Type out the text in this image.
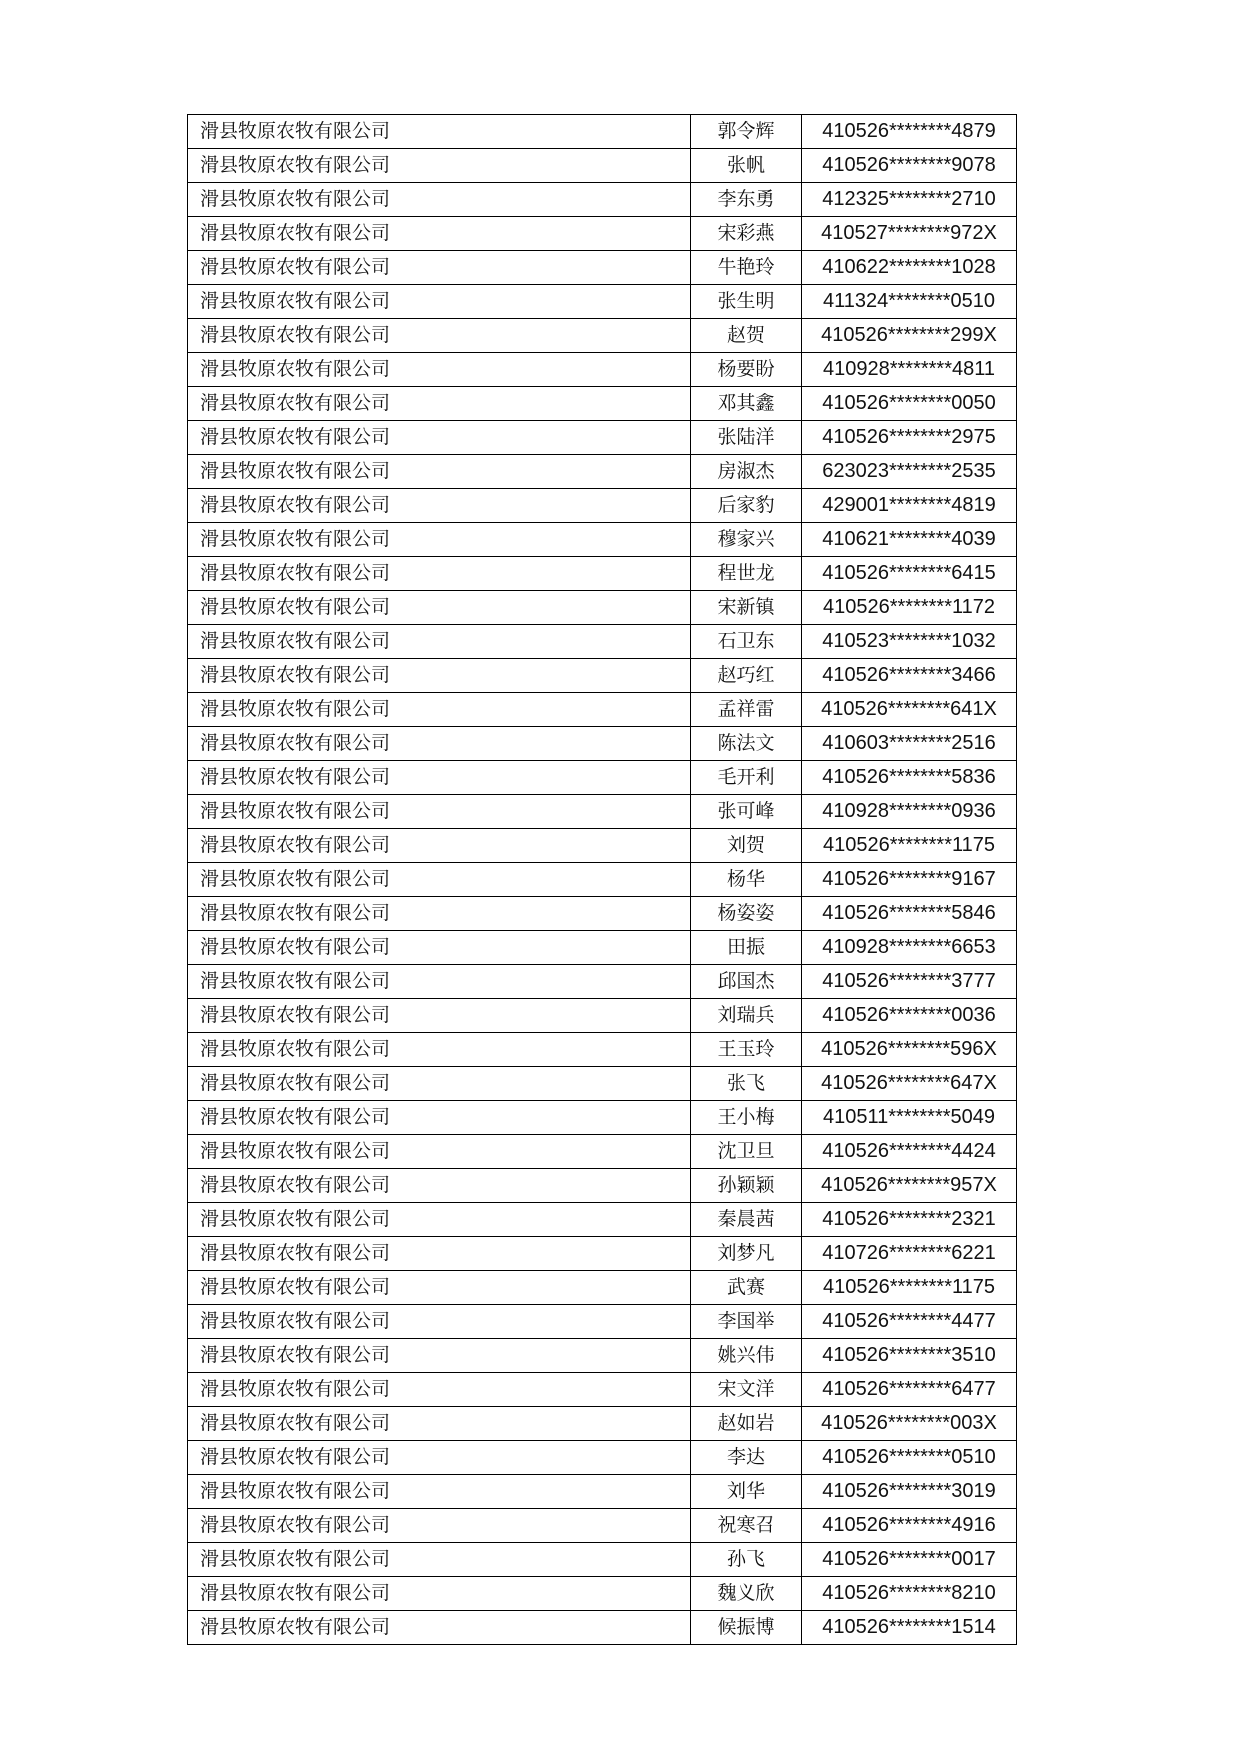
滑县牧原农牧有限公司	郭令辉	410526********4879
滑县牧原农牧有限公司	张帆	410526********9078
滑县牧原农牧有限公司	李东勇	412325********2710
滑县牧原农牧有限公司	宋彩燕	410527********972X
滑县牧原农牧有限公司	牛艳玲	410622********1028
滑县牧原农牧有限公司	张生明	411324********0510
滑县牧原农牧有限公司	赵贺	410526********299X
滑县牧原农牧有限公司	杨要盼	410928********4811
滑县牧原农牧有限公司	邓其鑫	410526********0050
滑县牧原农牧有限公司	张陆洋	410526********2975
滑县牧原农牧有限公司	房淑杰	623023********2535
滑县牧原农牧有限公司	后家豹	429001********4819
滑县牧原农牧有限公司	穆家兴	410621********4039
滑县牧原农牧有限公司	程世龙	410526********6415
滑县牧原农牧有限公司	宋新镇	410526********1172
滑县牧原农牧有限公司	石卫东	410523********1032
滑县牧原农牧有限公司	赵巧红	410526********3466
滑县牧原农牧有限公司	孟祥雷	410526********641X
滑县牧原农牧有限公司	陈法文	410603********2516
滑县牧原农牧有限公司	毛开利	410526********5836
滑县牧原农牧有限公司	张可峰	410928********0936
滑县牧原农牧有限公司	刘贺	410526********1175
滑县牧原农牧有限公司	杨华	410526********9167
滑县牧原农牧有限公司	杨姿姿	410526********5846
滑县牧原农牧有限公司	田振	410928********6653
滑县牧原农牧有限公司	邱国杰	410526********3777
滑县牧原农牧有限公司	刘瑞兵	410526********0036
滑县牧原农牧有限公司	王玉玲	410526********596X
滑县牧原农牧有限公司	张飞	410526********647X
滑县牧原农牧有限公司	王小梅	410511********5049
滑县牧原农牧有限公司	沈卫旦	410526********4424
滑县牧原农牧有限公司	孙颖颖	410526********957X
滑县牧原农牧有限公司	秦晨茜	410526********2321
滑县牧原农牧有限公司	刘梦凡	410726********6221
滑县牧原农牧有限公司	武赛	410526********1175
滑县牧原农牧有限公司	李国举	410526********4477
滑县牧原农牧有限公司	姚兴伟	410526********3510
滑县牧原农牧有限公司	宋文洋	410526********6477
滑县牧原农牧有限公司	赵如岩	410526********003X
滑县牧原农牧有限公司	李达	410526********0510
滑县牧原农牧有限公司	刘华	410526********3019
滑县牧原农牧有限公司	祝寒召	410526********4916
滑县牧原农牧有限公司	孙飞	410526********0017
滑县牧原农牧有限公司	魏义欣	410526********8210
滑县牧原农牧有限公司	候振博	410526********1514
